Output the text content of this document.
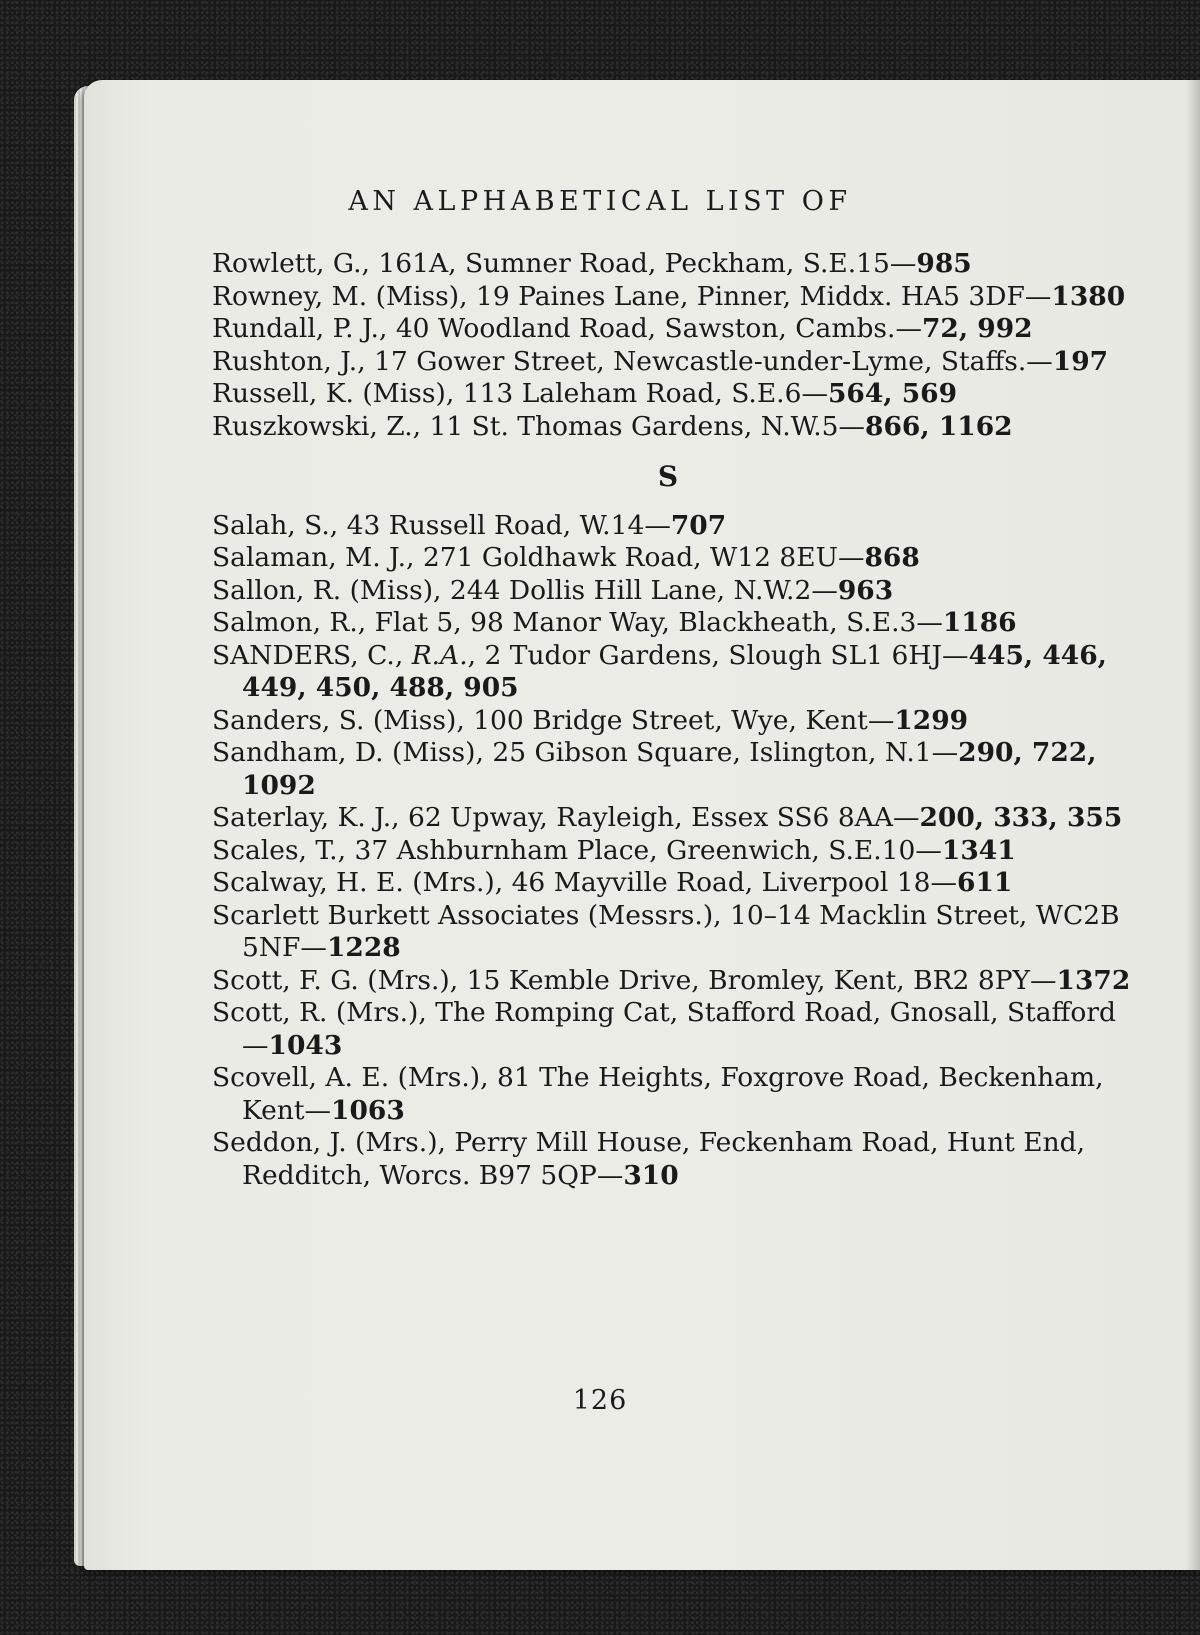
AN ALPHABETICAL LIST OF

Rowlett, G., 161A, Sumner Road, Peckham, S.E.15—985

Rowney, M. (Miss), 19 Paines Lane, Pinner, Middx. HA5 3DF—1380

Rundall, P. J., 40 Woodland Road, Sawston, Cambs.—72, 992

Rushton, J., 17 Gower Street, Newcastle-under-Lyme, Staffs.—197

Russell, K. (Miss), 113 Laleham Road, S.E.6—564, 569

Ruszkowski, Z., 11 St. Thomas Gardens, N.W.5—866, 1162

S

Salah, S., 43 Russell Road, W.14—707

Salaman, M. J., 271 Goldhawk Road, W12 8EU—868

Sallon, R. (Miss), 244 Dollis Hill Lane, N.W.2—963

Salmon, R., Flat 5, 98 Manor Way, Blackheath, S.E.3—1186

SANDERS, C., R.A., 2 Tudor Gardens, Slough SL1 6HJ—445, 446, 449, 450, 488, 905

Sanders, S. (Miss), 100 Bridge Street, Wye, Kent—1299

Sandham, D. (Miss), 25 Gibson Square, Islington, N.1—290, 722, 1092

Saterlay, K. J., 62 Upway, Rayleigh, Essex SS6 8AA—200, 333, 355

Scales, T., 37 Ashburnham Place, Greenwich, S.E.10—1341

Scalway, H. E. (Mrs.), 46 Mayville Road, Liverpool 18—611

Scarlett Burkett Associates (Messrs.), 10–14 Macklin Street, WC2B 5NF—1228

Scott, F. G. (Mrs.), 15 Kemble Drive, Bromley, Kent, BR2 8PY—1372

Scott, R. (Mrs.), The Romping Cat, Stafford Road, Gnosall, Stafford—1043

Scovell, A. E. (Mrs.), 81 The Heights, Foxgrove Road, Beckenham, Kent—1063

Seddon, J. (Mrs.), Perry Mill House, Feckenham Road, Hunt End, Redditch, Worcs. B97 5QP—310

126
